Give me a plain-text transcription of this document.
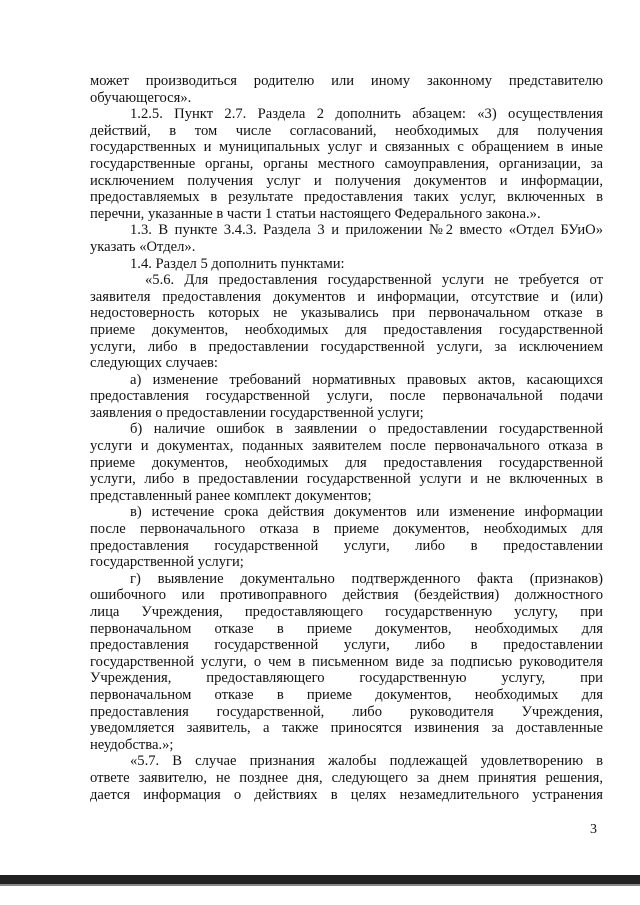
может производиться родителю или иному законному представителю
обучающегося».
1.2.5. Пункт 2.7. Раздела 2 дополнить абзацем: «3) осуществления
действий, в том числе согласований, необходимых для получения
государственных и муниципальных услуг и связанных с обращением в иные
государственные органы, органы местного самоуправления, организации, за
исключением получения услуг и получения документов и информации,
предоставляемых в результате предоставления таких услуг, включенных в
перечни, указанные в части 1 статьи настоящего Федерального закона.».
1.3. В пункте 3.4.3. Раздела 3 и приложении №2 вместо «Отдел БУиО»
указать «Отдел».
1.4. Раздел 5 дополнить пунктами:
«5.6. Для предоставления государственной услуги не требуется от
заявителя предоставления документов и информации, отсутствие и (или)
недостоверность которых не указывались при первоначальном отказе в
приеме документов, необходимых для предоставления государственной
услуги, либо в предоставлении государственной услуги, за исключением
следующих случаев:
а) изменение требований нормативных правовых актов, касающихся
предоставления государственной услуги, после первоначальной подачи
заявления о предоставлении государственной услуги;
б) наличие ошибок в заявлении о предоставлении государственной
услуги и документах, поданных заявителем после первоначального отказа в
приеме документов, необходимых для предоставления государственной
услуги, либо в предоставлении государственной услуги и не включенных в
представленный ранее комплект документов;
в) истечение срока действия документов или изменение информации
после первоначального отказа в приеме документов, необходимых для
предоставления государственной услуги, либо в предоставлении
государственной услуги;
г) выявление документально подтвержденного факта (признаков)
ошибочного или противоправного действия (бездействия) должностного
лица Учреждения, предоставляющего государственную услугу, при
первоначальном отказе в приеме документов, необходимых для
предоставления государственной услуги, либо в предоставлении
государственной услуги, о чем в письменном виде за подписью руководителя
Учреждения, предоставляющего государственную услугу, при
первоначальном отказе в приеме документов, необходимых для
предоставления государственной, либо руководителя Учреждения,
уведомляется заявитель, а также приносятся извинения за доставленные
неудобства.»;
«5.7. В случае признания жалобы подлежащей удовлетворению в
ответе заявителю, не позднее дня, следующего за днем принятия решения,
дается информация о действиях в целях незамедлительного устранения
3
